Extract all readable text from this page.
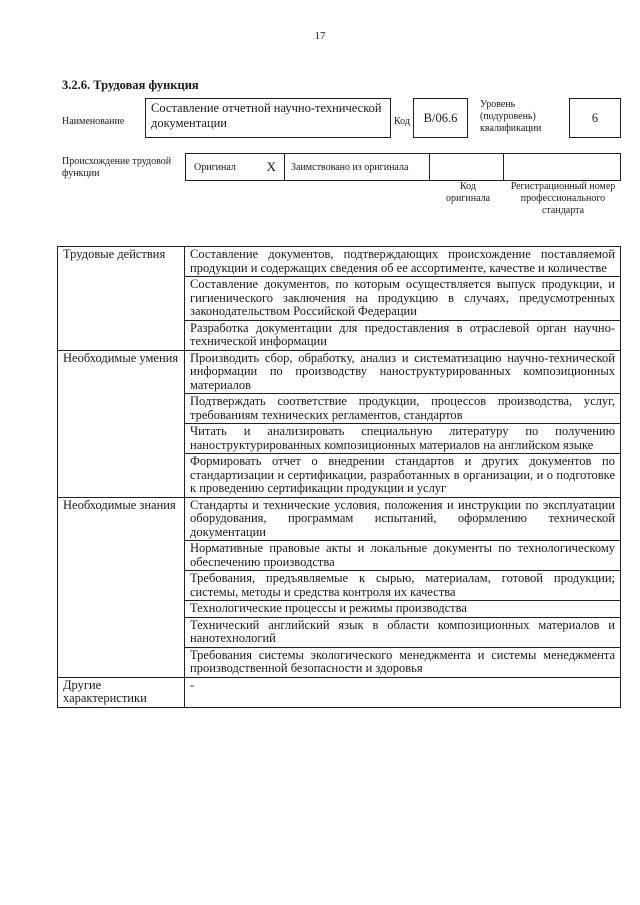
17
3.2.6. Трудовая функция
Наименование
Составление отчетной научно-технической документации	Код	B/06.6
Уровень (подуровень) квалификации
6
Происхождение трудовой функции
Оригинал X	Заимствовано из оригинала
Код оригинала
Регистрационный номер профессионального стандарта
Трудовые действия	Составление документов, подтверждающих происхождение поставляемой продукции и содержащих сведения об ее ассортименте, качестве и количестве
	Составление документов, по которым осуществляется выпуск продукции, и гигиенического заключения на продукцию в случаях, предусмотренных законодательством Российской Федерации
	Разработка документации для предоставления в отраслевой орган научно-технической информации
Необходимые умения	Производить сбор, обработку, анализ и систематизацию научно-технической информации по производству наноструктурированных композиционных материалов
	Подтверждать соответствие продукции, процессов производства, услуг, требованиям технических регламентов, стандартов
	Читать и анализировать специальную литературу по получению наноструктурированных композиционных материалов на английском языке
	Формировать отчет о внедрении стандартов и других документов по стандартизации и сертификации, разработанных в организации, и о подготовке к проведению сертификации продукции и услуг
Необходимые знания	Стандарты и технические условия, положения и инструкции по эксплуатации оборудования, программам испытаний, оформлению технической документации
	Нормативные правовые акты и локальные документы по технологическому обеспечению производства
	Требования, предъявляемые к сырью, материалам, готовой продукции; системы, методы и средства контроля их качества
	Технологические процессы и режимы производства
	Технический английский язык в области композиционных материалов и нанотехнологий
	Требования системы экологического менеджмента и системы менеджмента производственной безопасности и здоровья
Другие характеристики	-
